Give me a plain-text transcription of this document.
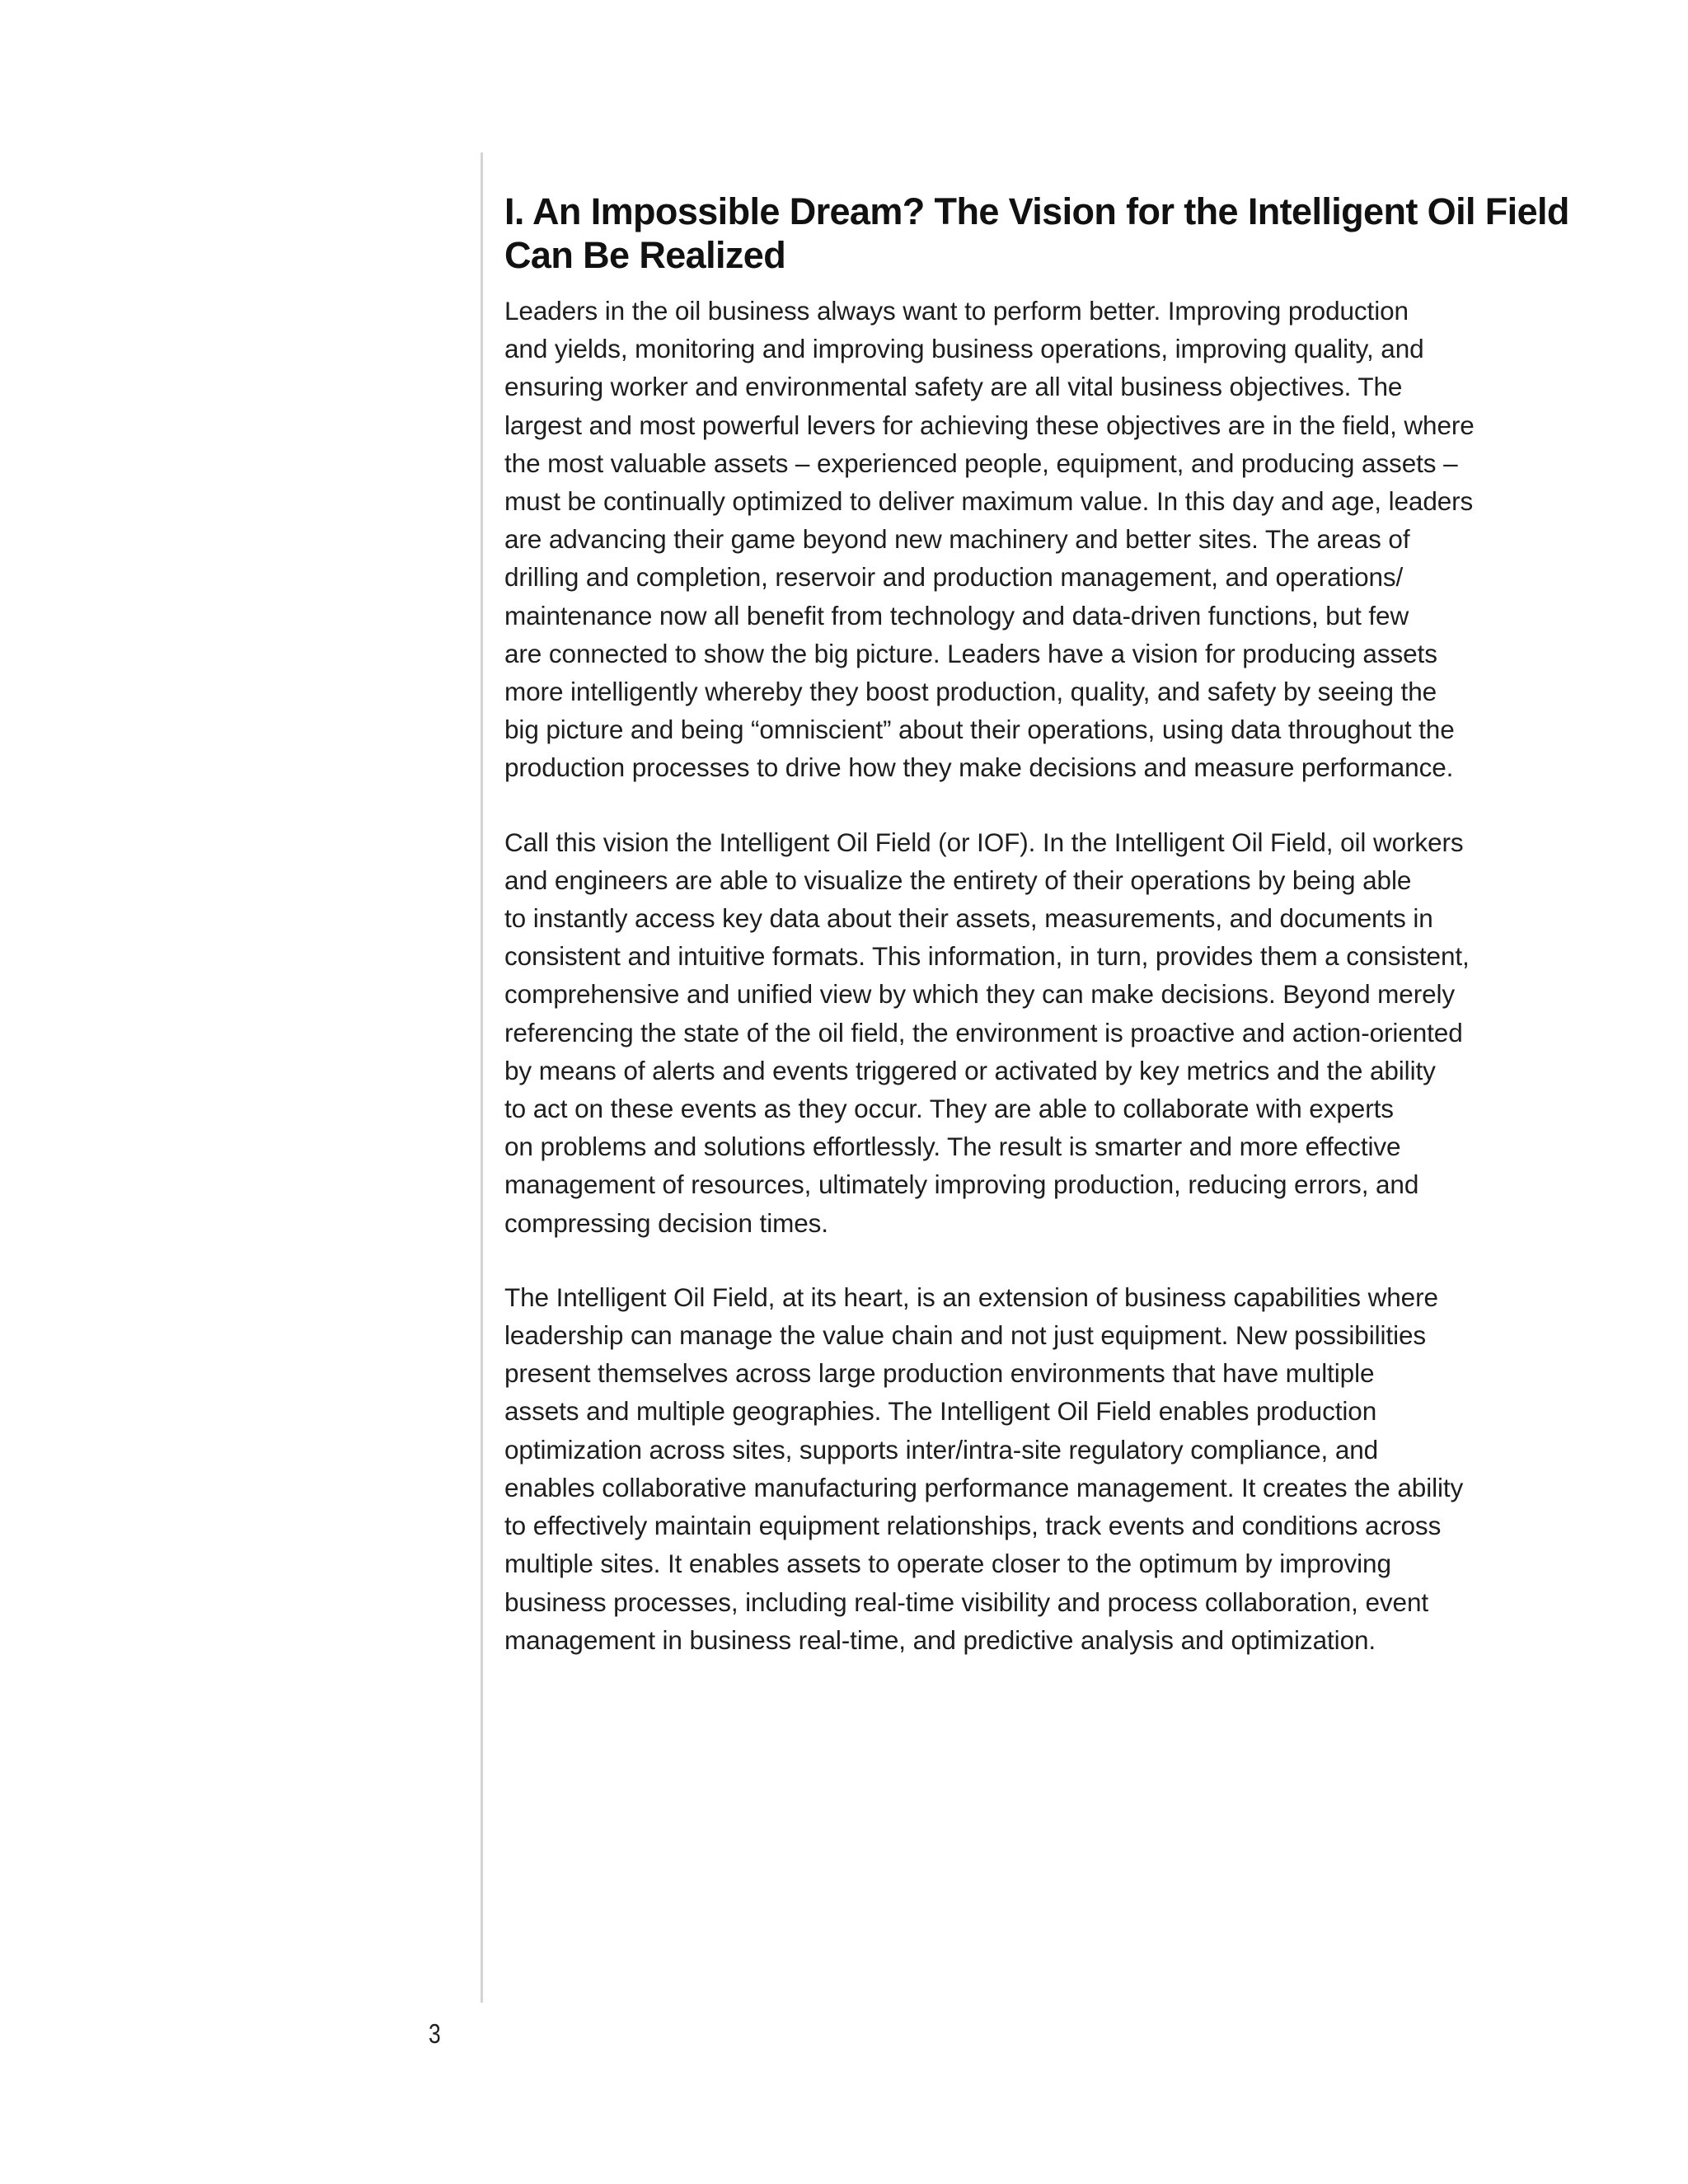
I. An Impossible Dream? The Vision for the Intelligent Oil Field
Can Be Realized
Leaders in the oil business always want to perform better. Improving production
and yields, monitoring and improving business operations, improving quality, and
ensuring worker and environmental safety are all vital business objectives. The
largest and most powerful levers for achieving these objectives are in the field, where
the most valuable assets – experienced people, equipment, and producing assets –
must be continually optimized to deliver maximum value. In this day and age, leaders
are advancing their game beyond new machinery and better sites. The areas of
drilling and completion, reservoir and production management, and operations/
maintenance now all benefit from technology and data-driven functions, but few
are connected to show the big picture. Leaders have a vision for producing assets
more intelligently whereby they boost production, quality, and safety by seeing the
big picture and being “omniscient” about their operations, using data throughout the
production processes to drive how they make decisions and measure performance.
Call this vision the Intelligent Oil Field (or IOF). In the Intelligent Oil Field, oil workers
and engineers are able to visualize the entirety of their operations by being able
to instantly access key data about their assets, measurements, and documents in
consistent and intuitive formats. This information, in turn, provides them a consistent,
comprehensive and unified view by which they can make decisions. Beyond merely
referencing the state of the oil field, the environment is proactive and action-oriented
by means of alerts and events triggered or activated by key metrics and the ability
to act on these events as they occur. They are able to collaborate with experts
on problems and solutions effortlessly. The result is smarter and more effective
management of resources, ultimately improving production, reducing errors, and
compressing decision times.
The Intelligent Oil Field, at its heart, is an extension of business capabilities where
leadership can manage the value chain and not just equipment. New possibilities
present themselves across large production environments that have multiple
assets and multiple geographies. The Intelligent Oil Field enables production
optimization across sites, supports inter/intra-site regulatory compliance, and
enables collaborative manufacturing performance management. It creates the ability
to effectively maintain equipment relationships, track events and conditions across
multiple sites. It enables assets to operate closer to the optimum by improving
business processes, including real-time visibility and process collaboration, event
management in business real-time, and predictive analysis and optimization.
3
